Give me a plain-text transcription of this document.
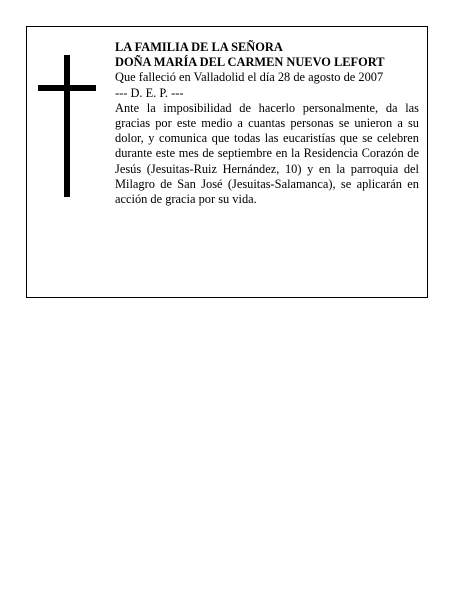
LA FAMILIA DE LA SEÑORA

DOÑA MARÍA DEL CARMEN NUEVO LEFORT

Que falleció en Valladolid el día 28 de agosto de 2007

--- D. E. P. ---

Ante la imposibilidad de hacerlo personalmente, da las gracias por este medio a cuantas personas se unieron a su dolor, y comunica que todas las eucaristías que se celebren durante este mes de septiembre en la Residencia Corazón de Jesús (Jesuitas-Ruiz Hernández, 10) y en la parroquia del Milagro de San José (Jesuitas-Salamanca), se aplicarán en acción de gracia por su vida.
